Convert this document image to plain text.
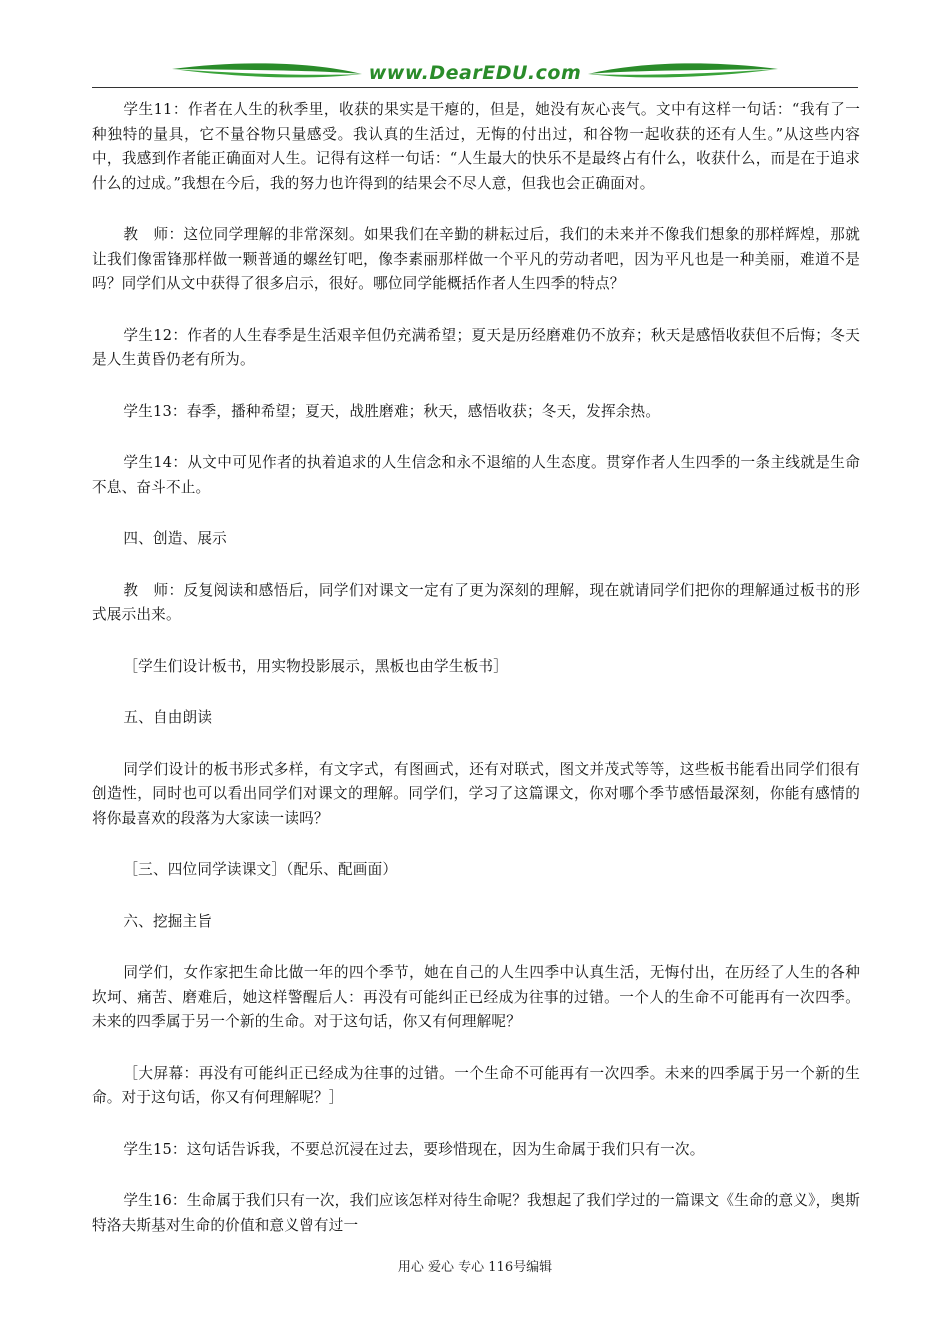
www.DearEDU.com

学生11：作者在人生的秋季里，收获的果实是干瘪的，但是，她没有灰心丧气。文中有这样一句话：“我有了一种独特的量具，它不量谷物只量感受。我认真的生活过，无悔的付出过，和谷物一起收获的还有人生。”从这些内容中，我感到作者能正确面对人生。记得有这样一句话：“人生最大的快乐不是最终占有什么，收获什么，而是在于追求什么的过成。”我想在今后，我的努力也许得到的结果会不尽人意，但我也会正确面对。

教　师：这位同学理解的非常深刻。如果我们在辛勤的耕耘过后，我们的未来并不像我们想象的那样辉煌，那就让我们像雷锋那样做一颗普通的螺丝钉吧，像李素丽那样做一个平凡的劳动者吧，因为平凡也是一种美丽，难道不是吗？同学们从文中获得了很多启示，很好。哪位同学能概括作者人生四季的特点？

学生12：作者的人生春季是生活艰辛但仍充满希望；夏天是历经磨难仍不放弃；秋天是感悟收获但不后悔；冬天是人生黄昏仍老有所为。

学生13：春季，播种希望；夏天，战胜磨难；秋天，感悟收获；冬天，发挥余热。

学生14：从文中可见作者的执着追求的人生信念和永不退缩的人生态度。贯穿作者人生四季的一条主线就是生命不息、奋斗不止。

四、创造、展示

教　师：反复阅读和感悟后，同学们对课文一定有了更为深刻的理解，现在就请同学们把你的理解通过板书的形式展示出来。

［学生们设计板书，用实物投影展示，黑板也由学生板书］

五、自由朗读

同学们设计的板书形式多样，有文字式，有图画式，还有对联式，图文并茂式等等，这些板书能看出同学们很有创造性，同时也可以看出同学们对课文的理解。同学们，学习了这篇课文，你对哪个季节感悟最深刻，你能有感情的将你最喜欢的段落为大家读一读吗？

［三、四位同学读课文］（配乐、配画面）

六、挖掘主旨

同学们，女作家把生命比做一年的四个季节，她在自己的人生四季中认真生活，无悔付出，在历经了人生的各种坎坷、痛苦、磨难后，她这样警醒后人：再没有可能纠正已经成为往事的过错。一个人的生命不可能再有一次四季。未来的四季属于另一个新的生命。对于这句话，你又有何理解呢？

［大屏幕：再没有可能纠正已经成为往事的过错。一个生命不可能再有一次四季。未来的四季属于另一个新的生命。对于这句话，你又有何理解呢？］

学生15：这句话告诉我，不要总沉浸在过去，要珍惜现在，因为生命属于我们只有一次。

学生16：生命属于我们只有一次，我们应该怎样对待生命呢？我想起了我们学过的一篇课文《生命的意义》，奥斯特洛夫斯基对生命的价值和意义曾有过一

用心 爱心 专心 116号编辑
